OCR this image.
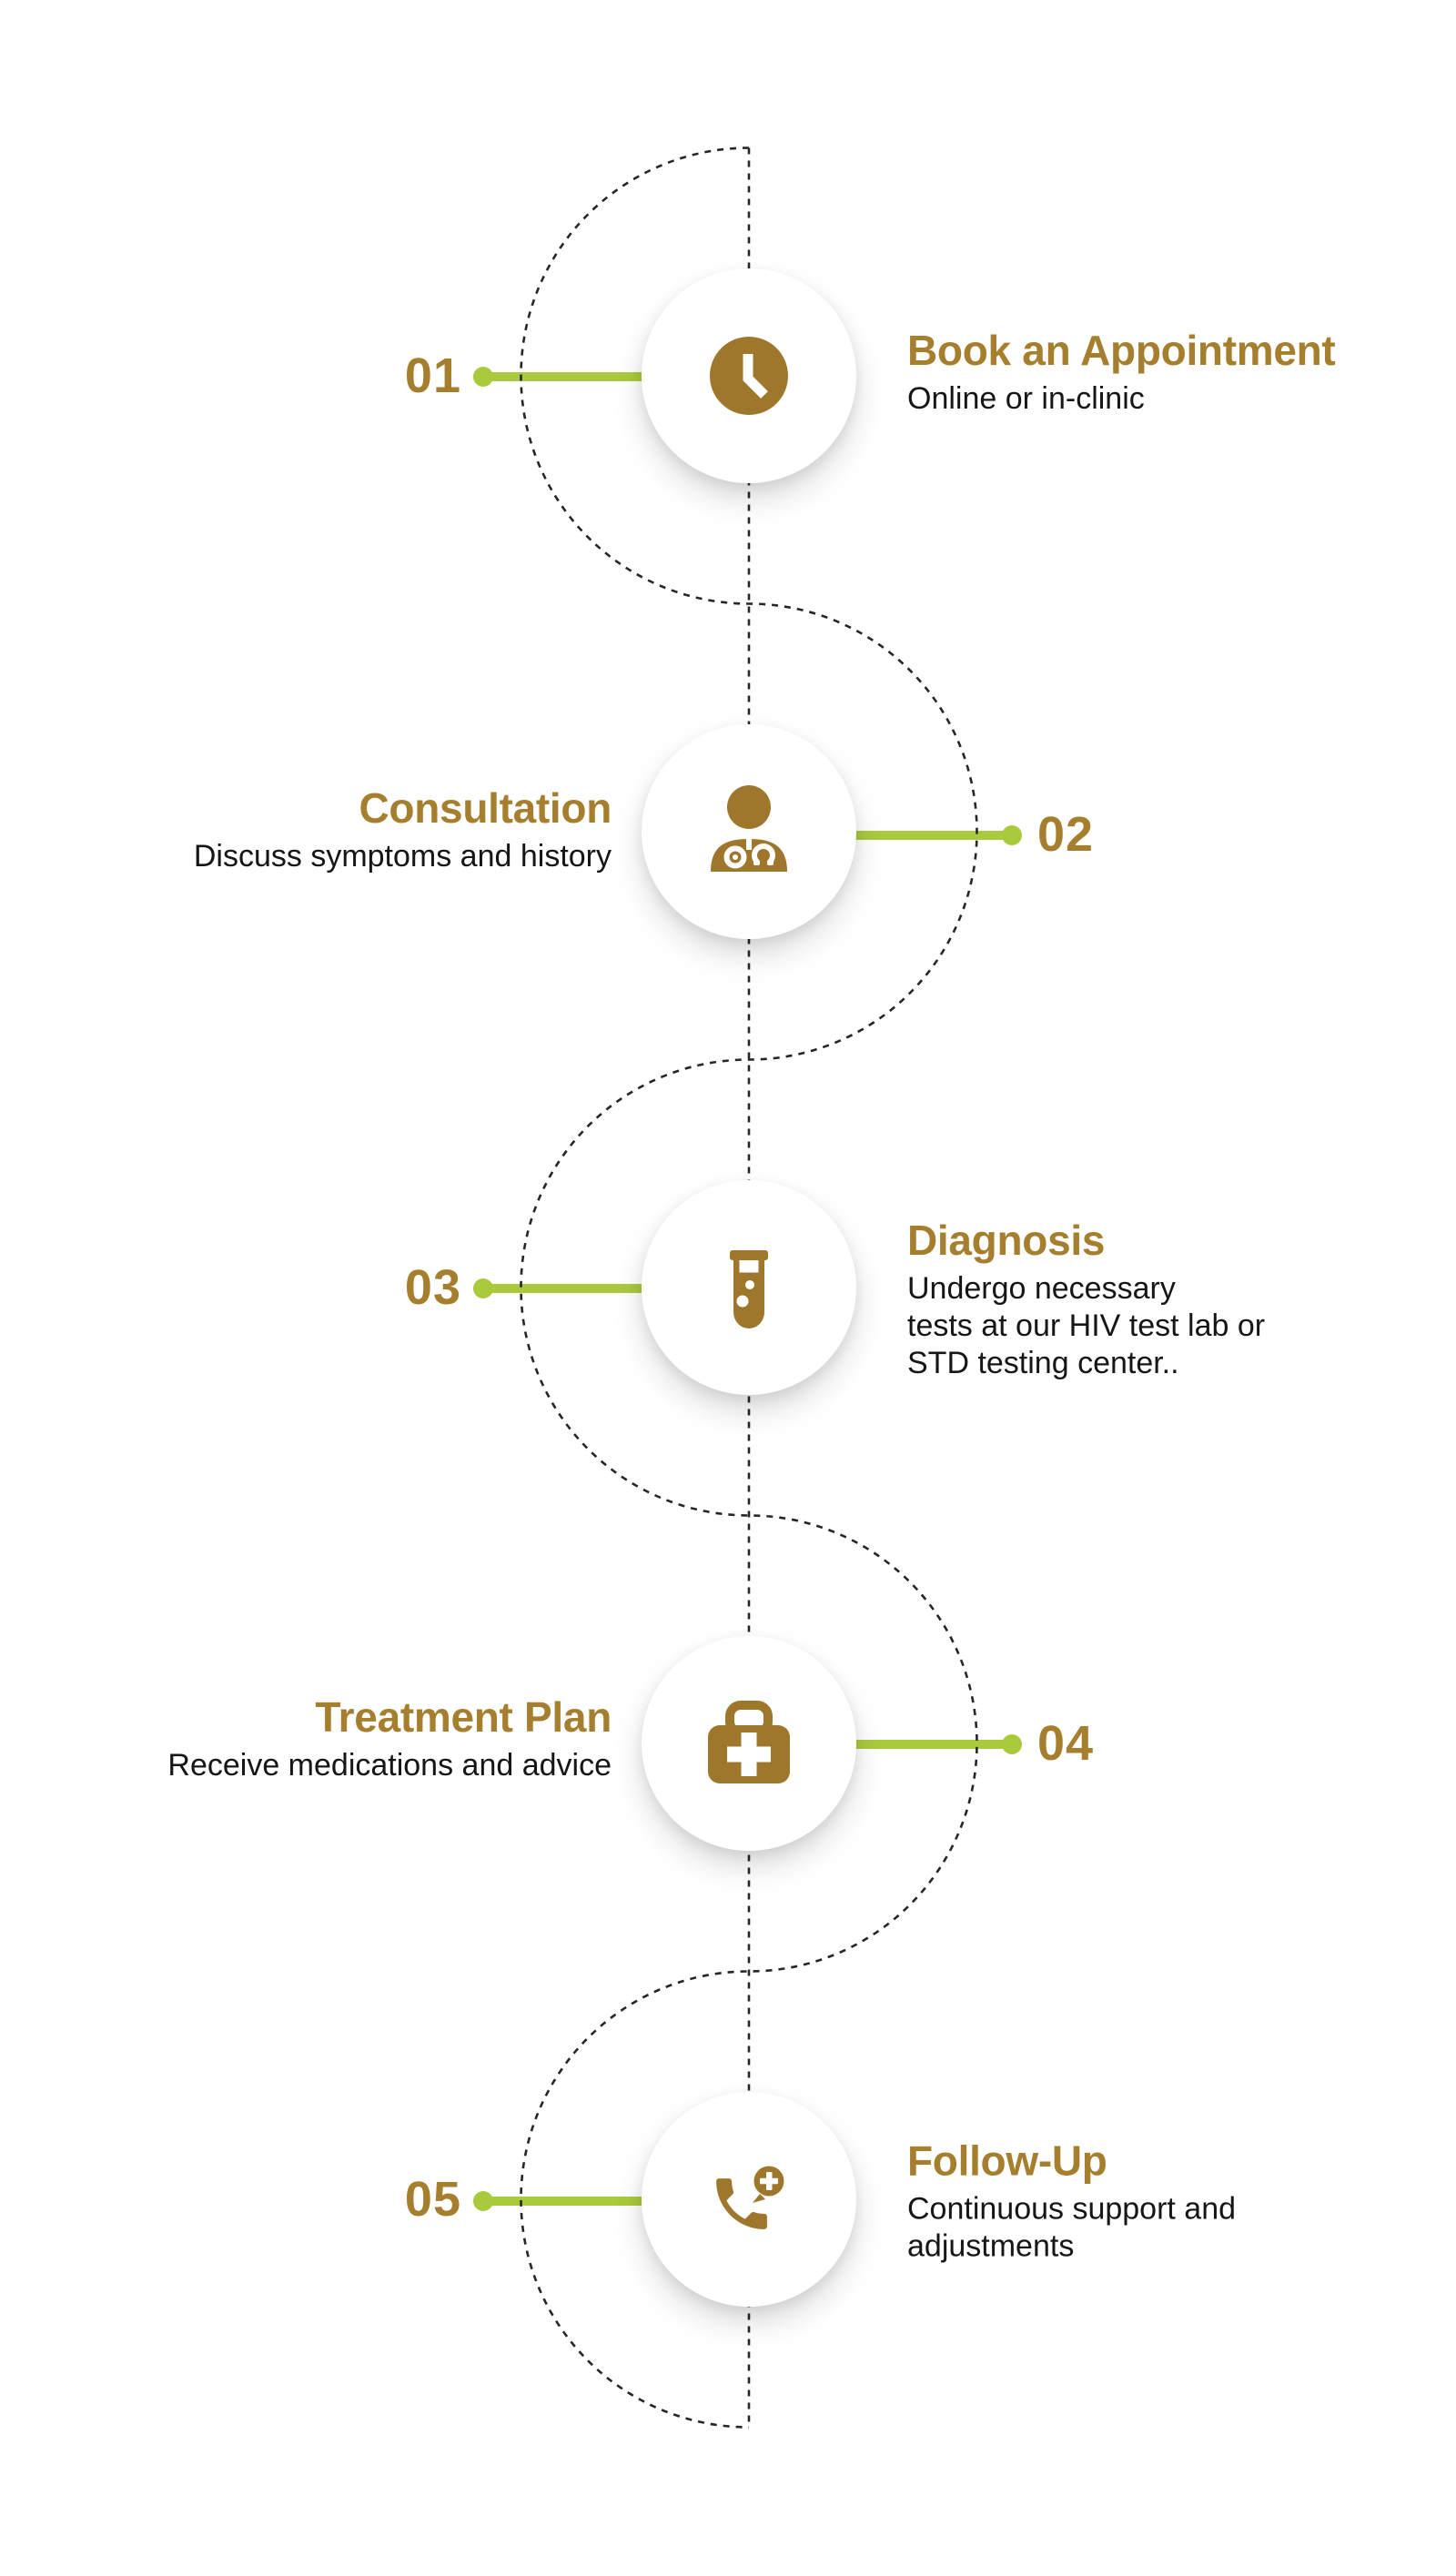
01	Book an Appointment
Online or in-clinic
02
Consultation
Discuss symptoms and history
03
Diagnosis
Undergo necessary
tests at our HIV test lab or
STD testing center..
04
Treatment Plan
Receive medications and advice
05
Follow-Up
Continuous support and
adjustments
